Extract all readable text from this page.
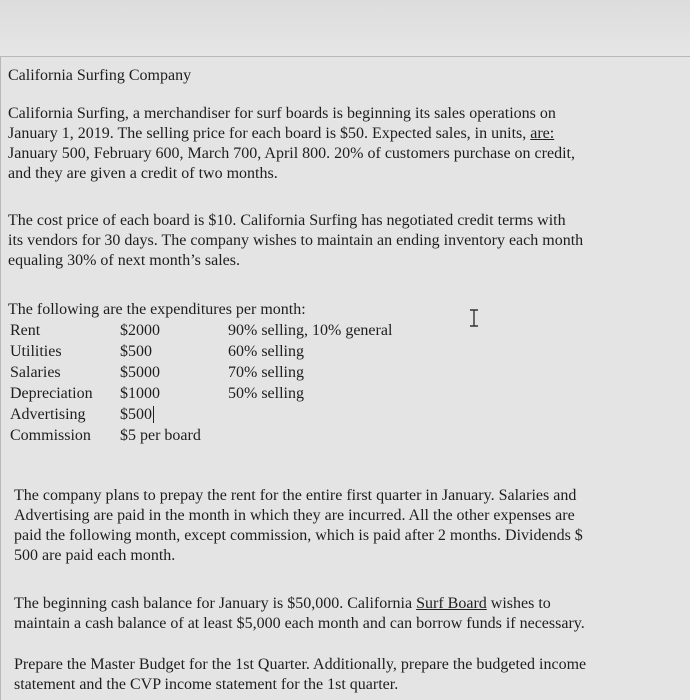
California Surfing Company

California Surfing, a merchandiser for surf boards is beginning its sales operations on

January 1, 2019. The selling price for each board is $50. Expected sales, in units, are:

January 500, February 600, March 700, April 800. 20% of customers purchase on credit,

and they are given a credit of two months.

The cost price of each board is $10. California Surfing has negotiated credit terms with

its vendors for 30 days. The company wishes to maintain an ending inventory each month

equaling 30% of next month’s sales.

The following are the expenditures per month:

Rent	$2000	90% selling, 10% general
Utilities	$500	60% selling
Salaries	$5000	70% selling
Depreciation	$1000	50% selling
Advertising	$500	
Commission	$5 per board	

The company plans to prepay the rent for the entire first quarter in January. Salaries and

Advertising are paid in the month in which they are incurred. All the other expenses are

paid the following month, except commission, which is paid after 2 months. Dividends $

500 are paid each month.

The beginning cash balance for January is $50,000. California Surf Board wishes to

maintain a cash balance of at least $5,000 each month and can borrow funds if necessary.

Prepare the Master Budget for the 1st Quarter. Additionally, prepare the budgeted income

statement and the CVP income statement for the 1st quarter.
